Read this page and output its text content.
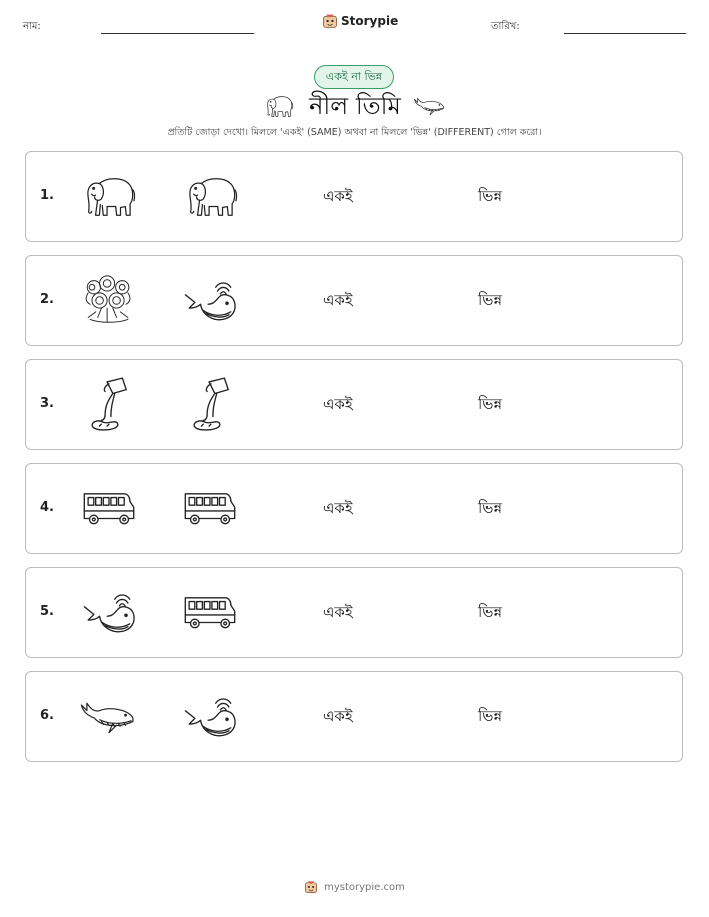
নাম:	Storypie	তারিখ:
একই না ভিন্ন
নীল তিমি
প্রতিটি জোড়া দেখো। মিললে 'একই' (SAME) অথবা না মিললে 'ভিন্ন' (DIFFERENT) গোল করো।
1.	একই	ভিন্ন
2.	একই	ভিন্ন
3.	একই	ভিন্ন
4.	একই	ভিন্ন
5.	একই	ভিন্ন
6.	একই	ভিন্ন
mystorypie.com
